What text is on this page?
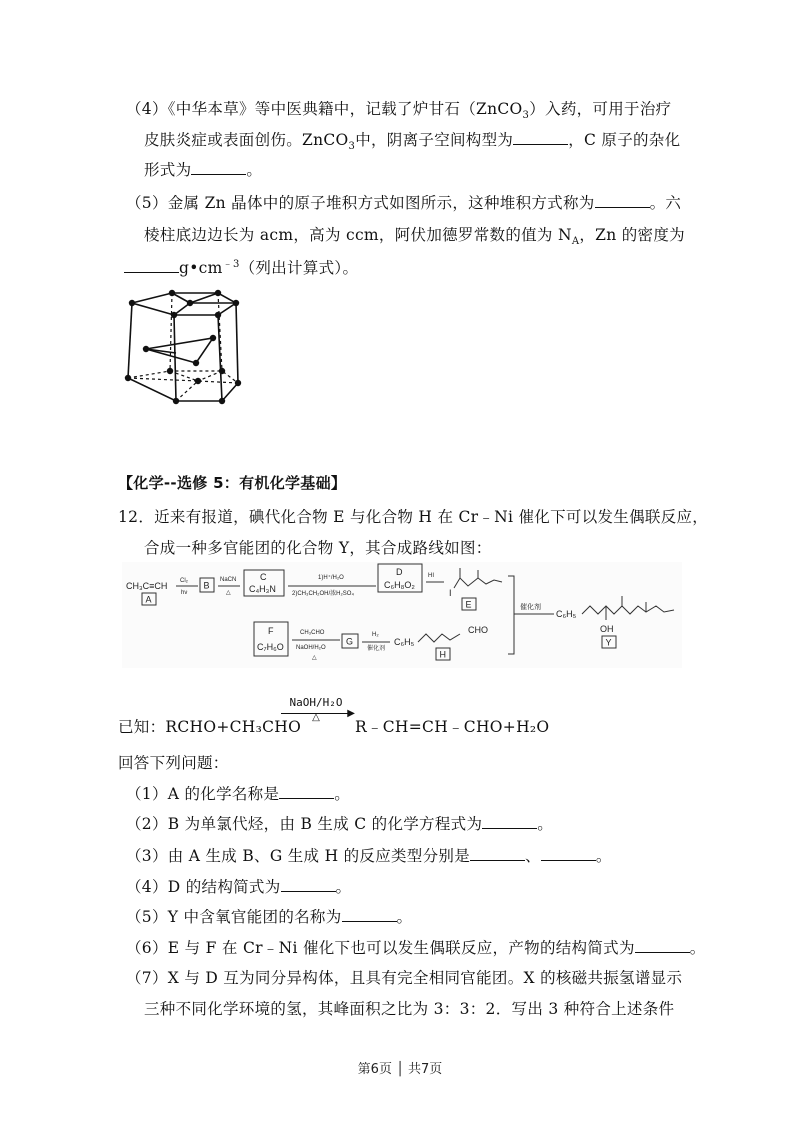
（4）《中华本草》等中医典籍中，记载了炉甘石（ZnCO$_3$）入药，可用于治疗
皮肤炎症或表面创伤。ZnCO$_3$中，阴离子空间构型为	，C 原子的杂化
形式为	。
（5）金属 Zn 晶体中的原子堆积方式如图所示，这种堆积方式称为	。六
棱柱底边边长为 acm，高为 ccm，阿伏加德罗常数的值为 $N_A$，Zn 的密度为
$g•cm^{﹣3}$（列出计算式）。
【化学--选修 5：有机化学基础】
12．近来有报道，碘代化合物 E 与化合物 H 在 Cr﹣Ni 催化下可以发生偶联反应，
合成一种多官能团的化合物 Y，其合成路线如图：
CH₃C≡CH
A
Cl₂
hν
B
NaCN
△
C
C₄H₃N
1)H⁺/H₂O
2)CH₃CH₂OH/浓H₂SO₄
D
C₆H₈O₂
HI
I
E	催化剂
C₆H₅
OH
Y
F
C₇H₆O
CH₃CHO
NaOH/H₂O
△
G
H₂
催化剂
C₆H₅
CHO
H
已知：RCHO+CH₃CHO
NaOH/H₂O
▶
△
R﹣CH=CH﹣CHO+H₂O
回答下列问题：
（1）A 的化学名称是	。
（2）B 为单氯代烃，由 B 生成 C 的化学方程式为	。
（3）由 A 生成 B、G 生成 H 的反应类型分别是	、	。
（4）D 的结构简式为	。
（5）Y 中含氧官能团的名称为	。
（6）E 与 F 在 Cr﹣Ni 催化下也可以发生偶联反应，产物的结构简式为	。
（7）X 与 D 互为同分异构体，且具有完全相同官能团。X 的核磁共振氢谱显示
三种不同化学环境的氢，其峰面积之比为 3：3：2．写出 3 种符合上述条件
第6页 │ 共7页
